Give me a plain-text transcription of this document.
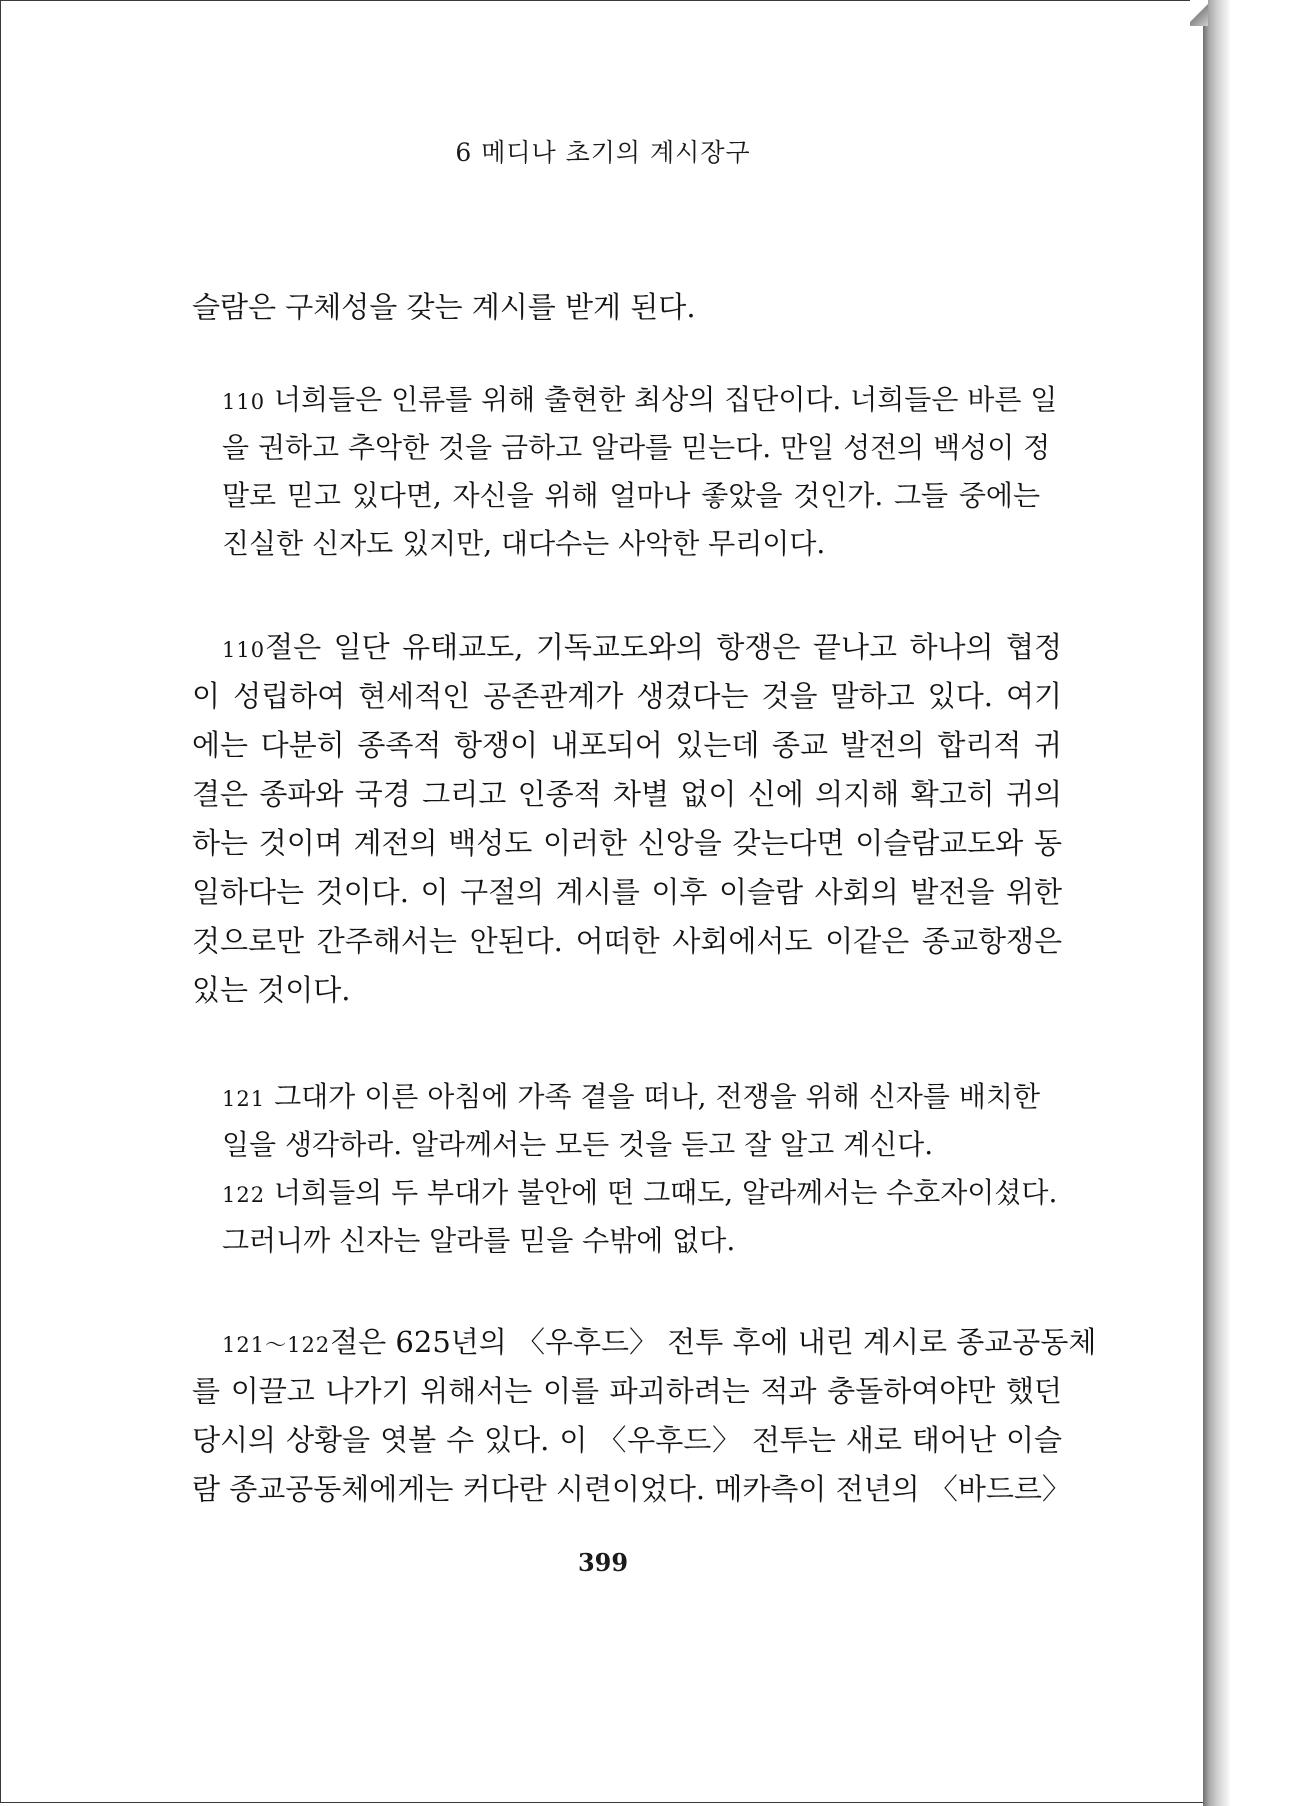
6 메디나 초기의 계시장구
슬람은 구체성을 갖는 계시를 받게 된다.
110 너희들은 인류를 위해 출현한 최상의 집단이다. 너희들은 바른 일
을 권하고 추악한 것을 금하고 알라를 믿는다. 만일 성전의 백성이 정
말로 믿고 있다면, 자신을 위해 얼마나 좋았을 것인가. 그들 중에는
진실한 신자도 있지만, 대다수는 사악한 무리이다.
110절은 일단 유태교도, 기독교도와의 항쟁은 끝나고 하나의 협정
이 성립하여 현세적인 공존관계가 생겼다는 것을 말하고 있다. 여기
에는 다분히 종족적 항쟁이 내포되어 있는데 종교 발전의 합리적 귀
결은 종파와 국경 그리고 인종적 차별 없이 신에 의지해 확고히 귀의
하는 것이며 계전의 백성도 이러한 신앙을 갖는다면 이슬람교도와 동
일하다는 것이다. 이 구절의 계시를 이후 이슬람 사회의 발전을 위한
것으로만 간주해서는 안된다. 어떠한 사회에서도 이같은 종교항쟁은
있는 것이다.
121 그대가 이른 아침에 가족 곁을 떠나, 전쟁을 위해 신자를 배치한
일을 생각하라. 알라께서는 모든 것을 듣고 잘 알고 계신다.
122 너희들의 두 부대가 불안에 떤 그때도, 알라께서는 수호자이셨다.
그러니까 신자는 알라를 믿을 수밖에 없다.
121～122절은 625년의 〈우후드〉 전투 후에 내린 계시로 종교공동체
를 이끌고 나가기 위해서는 이를 파괴하려는 적과 충돌하여야만 했던
당시의 상황을 엿볼 수 있다. 이 〈우후드〉 전투는 새로 태어난 이슬
람 종교공동체에게는 커다란 시련이었다. 메카측이 전년의 〈바드르〉
399
